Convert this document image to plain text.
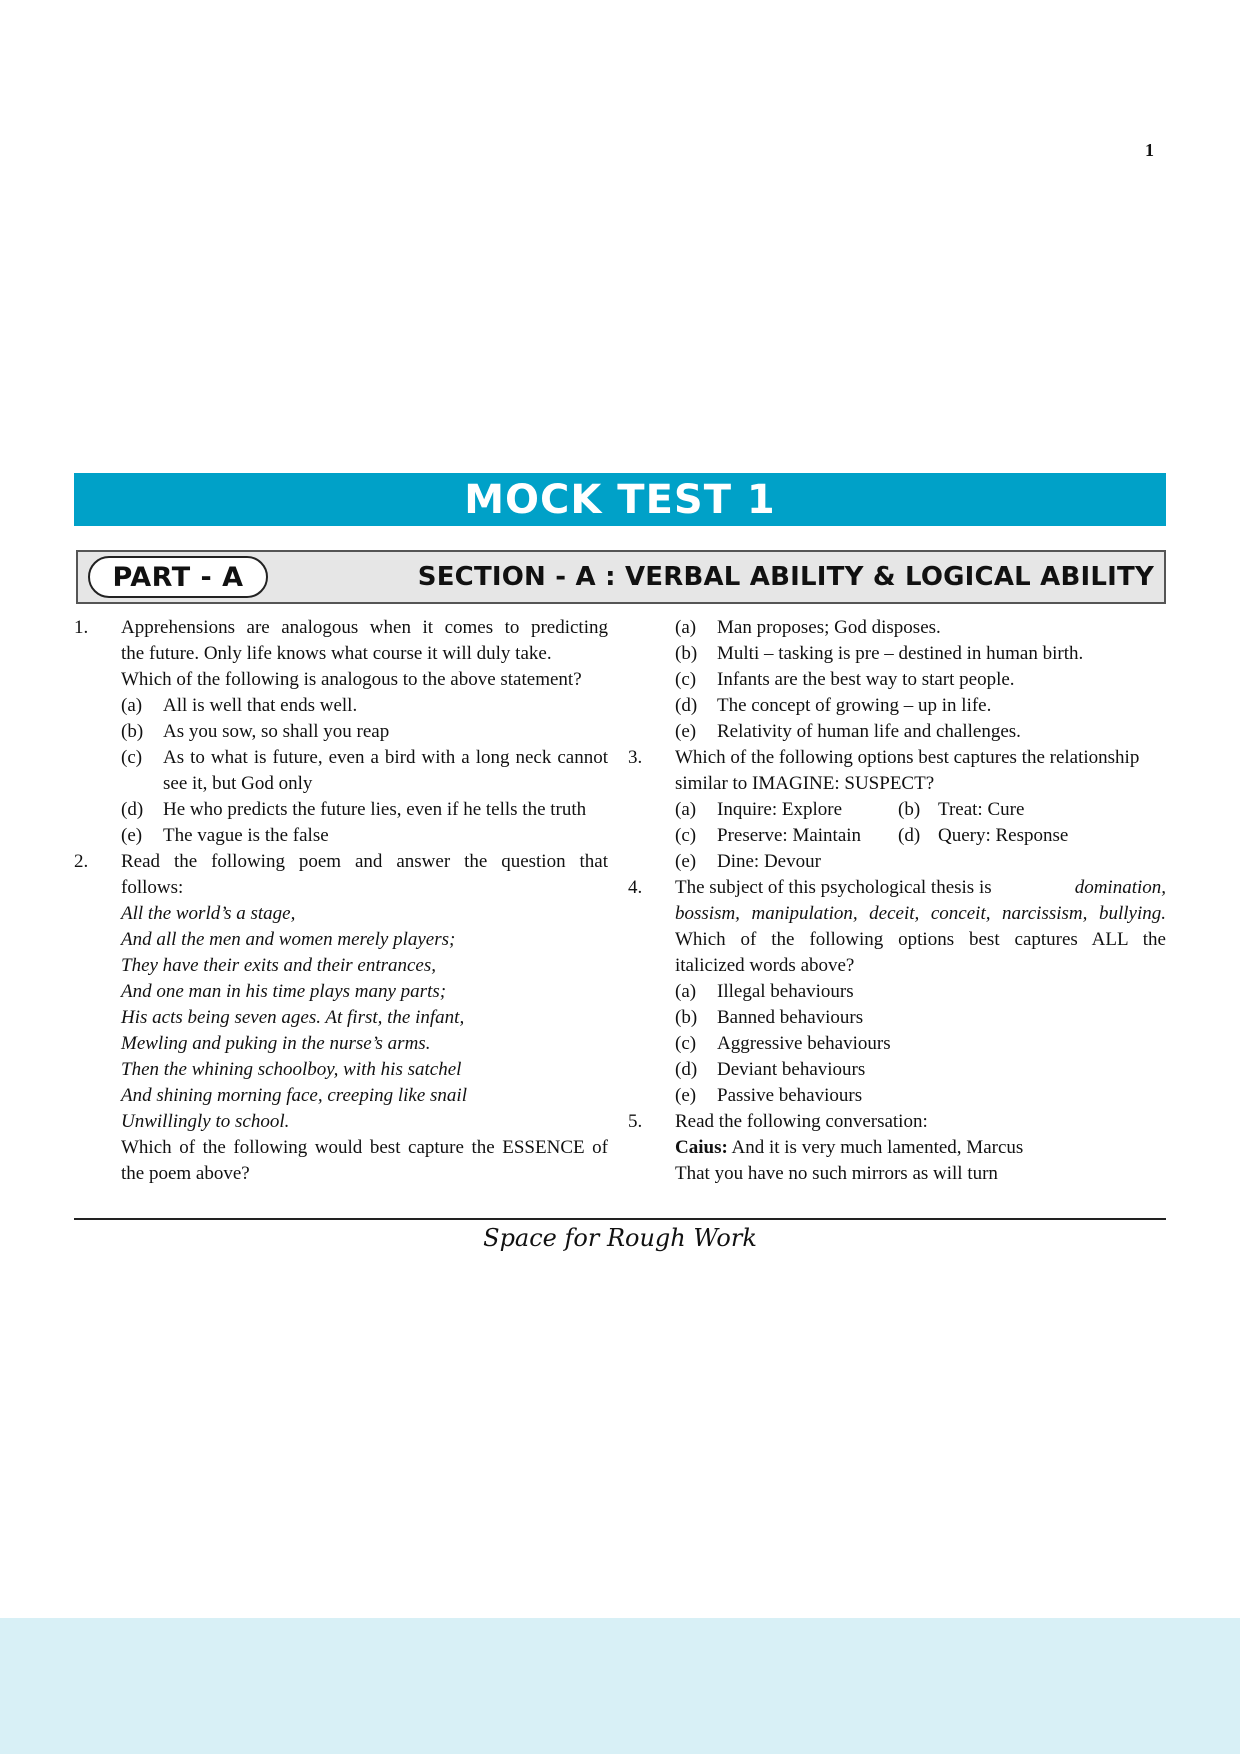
1
MOCK TEST 1
PART - A	SECTION - A : VERBAL ABILITY & LOGICAL ABILITY
1. Apprehensions are analogous when it comes to predicting
the future. Only life knows what course it will duly take.
Which of the following is analogous to the above statement?
(a) All is well that ends well.
(b) As you sow, so shall you reap
(c) As to what is future, even a bird with a long neck cannot
see it, but God only
(d) He who predicts the future lies, even if he tells the truth
(e) The vague is the false
2. Read the following poem and answer the question that
follows:
All the world’s a stage,
And all the men and women merely players;
They have their exits and their entrances,
And one man in his time plays many parts;
His acts being seven ages. At first, the infant,
Mewling and puking in the nurse’s arms.
Then the whining schoolboy, with his satchel
And shining morning face, creeping like snail
Unwillingly to school.
Which of the following would best capture the ESSENCE of
the poem above?
(a) Man proposes; God disposes.
(b) Multi – tasking is pre – destined in human birth.
(c) Infants are the best way to start people.
(d) The concept of growing – up in life.
(e) Relativity of human life and challenges.
3. Which of the following options best captures the relationship
similar to IMAGINE: SUSPECT?
(a) Inquire: Explore	(b) Treat: Cure
(c) Preserve: Maintain (d) Query: Response
(e) Dine: Devour
4. The subject of this psychological thesis is	domination,
bossism, manipulation, deceit, conceit, narcissism, bullying.
Which of the following options best captures ALL the
italicized words above?
(a) Illegal behaviours
(b) Banned behaviours
(c) Aggressive behaviours
(d) Deviant behaviours
(e) Passive behaviours
5. Read the following conversation:
Caius: And it is very much lamented, Marcus
That you have no such mirrors as will turn
Space for Rough Work
